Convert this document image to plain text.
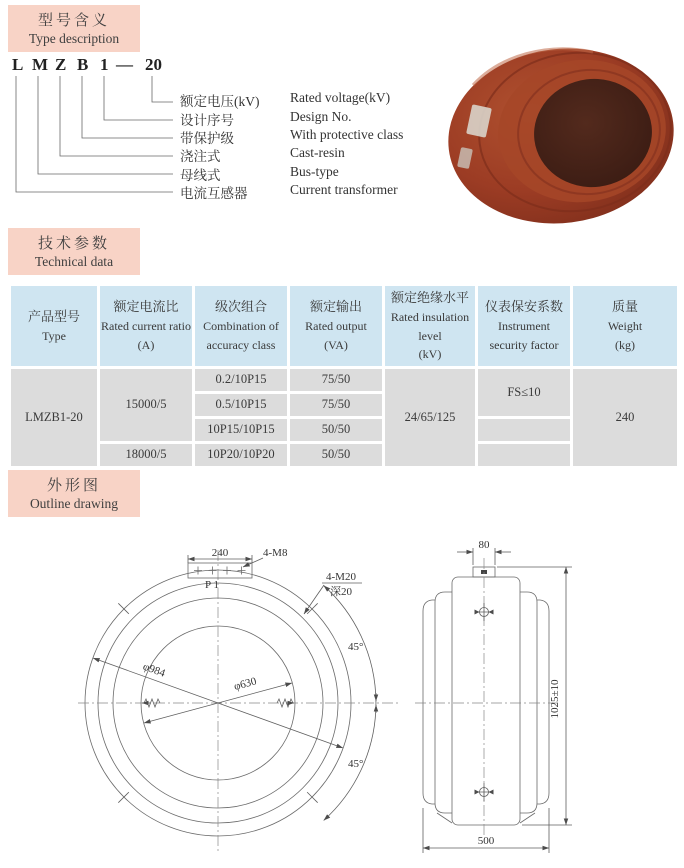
型号含义
Type description
L M Z B 1 — 20
额定电压(kV) Rated voltage(kV)
设计序号	Design No.
带保护级	With protective class
浇注式	Cast-resin
母线式	Bus-type
电流互感器	Current transformer
技术参数
Technical data
产品型号
Type

额定电流比
Rated current ratio
(A)

级次组合
Combination of accuracy class

额定输出
Rated output
(VA)

额定绝缘水平
Rated insulation level
(kV)

仪表保安系数
Instrument security factor

质量
Weight
(kg)

LMZB1-20	15000/5	0.2/10P15	75/50	24/65/125	FS≤10	240
		0.5/10P15	75/50			
		10P15/10P15	50/50			
	18000/5	10P20/10P20	50/50			
外形图
Outline drawing
240	4-M8
P 1
4-M20
深20
φ984
φ630
45°
45°
80
1025±10
500
